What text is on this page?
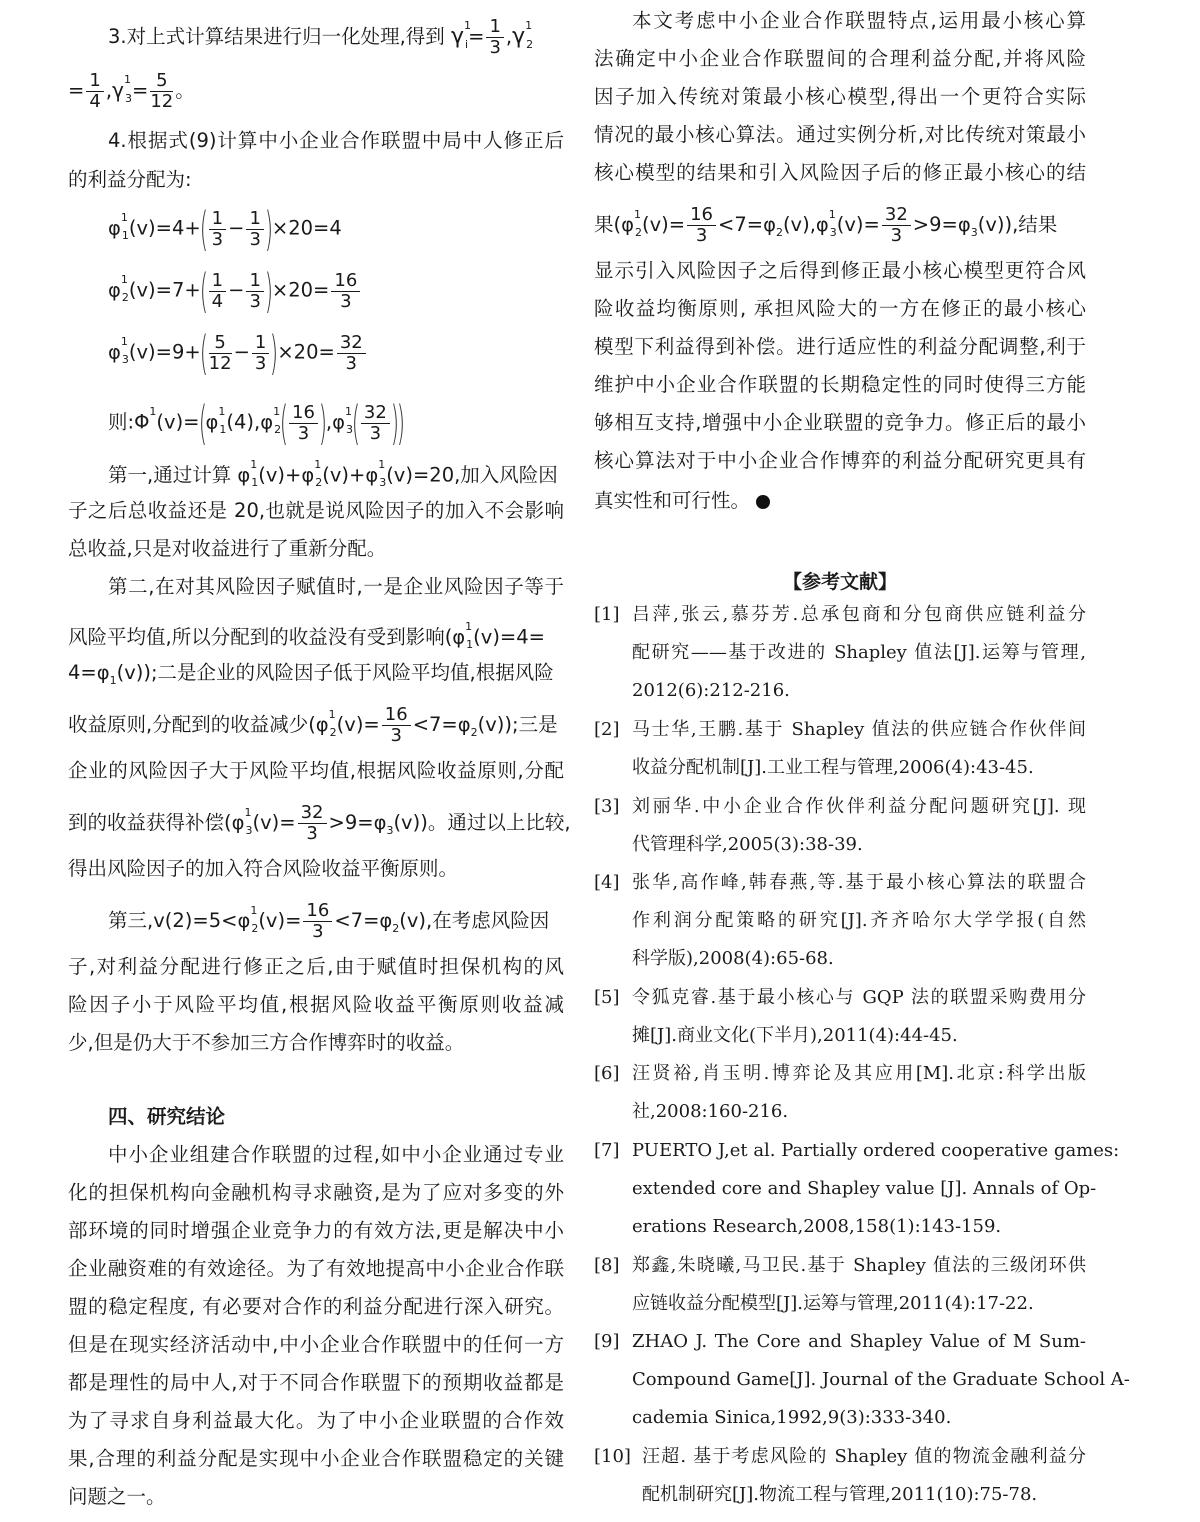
3.对上式计算结果进行归一化处理,得到 $\gamma^1_i= \frac{1}{3} ,\gamma^1_2$
= $\frac{1}{4} ,\gamma^1_3= \frac{5}{12}$ 。
4.根据式(9)计算中小企业合作联盟中局中人修正后
的利益分配为:
$\varphi^1_1(v)=4+( \frac{1}{3} - \frac{1}{3} )\times 20=4$
$\varphi^1_2(v)=7+( \frac{1}{4} - \frac{1}{3} )\times 20= \frac{16}{3}$
$\varphi^1_3(v)=9+( \frac{5}{12} - \frac{1}{3} )\times 20= \frac{32}{3}$
则$:\Phi^1(v)=(\varphi^1_1(4),\varphi^1_2( \frac{16}{3} ),\varphi^1_3( \frac{32}{3}$ ))
第一,通过计算 $\varphi^1_1(v)+\varphi^1_2(v)+\varphi^1_3(v)=20$,加入风险因
子之后总收益还是 20,也就是说风险因子的加入不会影响
总收益,只是对收益进行了重新分配。
第二,在对其风险因子赋值时,一是企业风险因子等于
风险平均值,所以分配到的收益没有受到影响($\varphi^1_1(v)=4=$
$4=\varphi_1(v)$);二是企业的风险因子低于风险平均值,根据风险
收益原则,分配到的收益减少$(\varphi^1_2(v)= \frac{16}{3} <7=\varphi_2(v))$;三是
企业的风险因子大于风险平均值,根据风险收益原则,分配
到的收益获得补偿$(\varphi^1_3(v)= \frac{32}{3} >9=\varphi_3(v))$。通过以上比较,
得出风险因子的加入符合风险收益平衡原则。
第三$,v(2)=5<\varphi^1_2(v)= \frac{16}{3} <7=\varphi_2(v)$,在考虑风险因
子,对利益分配进行修正之后,由于赋值时担保机构的风
险因子小于风险平均值,根据风险收益平衡原则收益减
少,但是仍大于不参加三方合作博弈时的收益。
四、研究结论
中小企业组建合作联盟的过程,如中小企业通过专业
化的担保机构向金融机构寻求融资,是为了应对多变的外
部环境的同时增强企业竞争力的有效方法,更是解决中小
企业融资难的有效途径。为了有效地提高中小企业合作联
盟的稳定程度, 有必要对合作的利益分配进行深入研究。
但是在现实经济活动中,中小企业合作联盟中的任何一方
都是理性的局中人,对于不同合作联盟下的预期收益都是
为了寻求自身利益最大化。为了中小企业联盟的合作效
果,合理的利益分配是实现中小企业合作联盟稳定的关键
问题之一。
本文考虑中小企业合作联盟特点,运用最小核心算
法确定中小企业合作联盟间的合理利益分配,并将风险
因子加入传统对策最小核心模型,得出一个更符合实际
情况的最小核心算法。通过实例分析,对比传统对策最小
核心模型的结果和引入风险因子后的修正最小核心的结
果$(\varphi^1_2(v)= \frac{16}{3} <7=\varphi_2(v),\varphi^1_3(v)= \frac{32}{3} >9=\varphi_3(v))$,结果
显示引入风险因子之后得到修正最小核心模型更符合风
险收益均衡原则, 承担风险大的一方在修正的最小核心
模型下利益得到补偿。进行适应性的利益分配调整,利于
维护中小企业合作联盟的长期稳定性的同时使得三方能
够相互支持,增强中小企业联盟的竞争力。修正后的最小
核心算法对于中小企业合作博弈的利益分配研究更具有
真实性和可行性。
【参考文献】
[1] 吕萍,张云,慕芬芳.总承包商和分包商供应链利益分
配研究——基于改进的 Shapley 值法[J].运筹与管理,
2012(6):212-216.
[2] 马士华,王鹏.基于 Shapley 值法的供应链合作伙伴间
收益分配机制[J].工业工程与管理,2006(4):43-45.
[3] 刘丽华.中小企业合作伙伴利益分配问题研究[J]. 现
代管理科学,2005(3):38-39.
[4] 张华,高作峰,韩春燕,等.基于最小核心算法的联盟合
作利润分配策略的研究[J].齐齐哈尔大学学报(自然
科学版),2008(4):65-68.
[5] 令狐克睿.基于最小核心与 GQP 法的联盟采购费用分
摊[J].商业文化(下半月),2011(4):44-45.
[6] 汪贤裕,肖玉明.博弈论及其应用[M].北京:科学出版
社,2008:160-216.
[7] PUERTO J,et al. Partially ordered cooperative games:
extended core and Shapley value [J]. Annals of Op-
erations Research,2008,158(1):143-159.
[8] 郑鑫,朱晓曦,马卫民.基于 Shapley 值法的三级闭环供
应链收益分配模型[J].运筹与管理,2011(4):17-22.
[9] ZHAO J. The Core and Shapley Value of M Sum-
Compound Game[J]. Journal of the Graduate School A-
cademia Sinica,1992,9(3):333-340.
[10] 汪超. 基于考虑风险的 Shapley 值的物流金融利益分
配机制研究[J].物流工程与管理,2011(10):75-78.
